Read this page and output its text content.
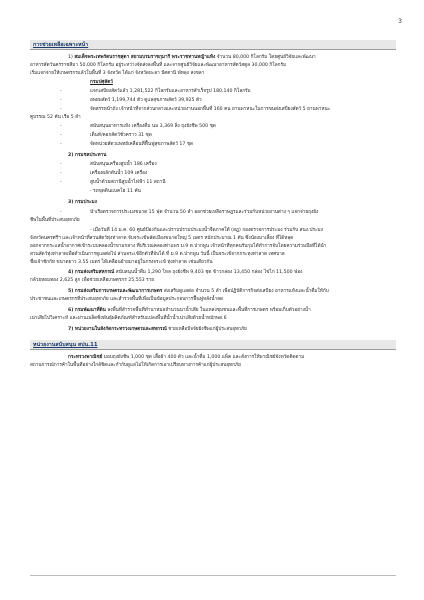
3
การช่วยเหลือเฉพาะหน้า
1) สมเด็จพระเทพรัตนราชสุดา สยามบรมราชกุมารี พระราชทานหญ้าแห้ง จำนวน 80,000 กิโลกรัม โดยศูนย์วิจัยและพัฒนา
อาหารสัตว์นครราชสีมา 50,000 กิโลกรัม อยู่ระหว่างจัดส่งลงพื้นที่ และจากศูนย์วิจัยและพัฒนาอาหารสัตว์สตูล 30,000 กิโลกรัม
เริ่มแจกจ่ายให้เกษตรกรแล้วในพื้นที่ 3 จังหวัด ได้แก่ จังหวัดยะลา ปัตตานี พัทลุง สงขลา
กรมปศุสัตว์
-	แจกเสบียงสัตว์แล้ว 1,281,522 กิโลกรัมและอาหารสำเร็จรูป 180,140 กิโลกรัม
-	อพยพสัตว์ 1,199,744 ตัว ดูแลสุขภาพสัตว์ 39,925 ตัว
-	จัดสรรหน้าถัง เจ้าหน้าที่จากส่วนกลางและหน่วยงานนอกพื้นที่ 160 คน ยานพาหนะในการขนส่งเสบียงสัตว์ 5 ยานพาหนะ
คูบรรณ 52 คัน เรือ 5 ลำ
-	สนับสนุนอาหารแห้ง เครื่องดื่ม นม 3,369 ลิ่ง ถุงยังชีพ 500 ชุด
-	เต็นท์/คอกสัตว์ชั่วคราว 31 ชุด
-	จัดหน่วยสัตวแพทย์เคลื่อนที่ฟื้นฟูสุขภาพสัตว์ 17 ชุด
2) กรมชลประทาน
-	สนับสนุนเครื่องสูบน้ำ 186 เครื่อง
-	เครื่องผลักดันน้ำ 109 เครื่อง
-	สูบน้ำด้วยสถานีสูบน้ำไฟฟ้า 11 สถานี
- รถขุดดินแบคโฮ 11 คัน
3) กรมประมง
-	นำเรือตรวจการประมงขนาด 15 ฟุต จำนวน 50 ลำ ออกช่วยเหลือราษฎรและร่วมกับหน่วยงานต่าง ๆ แจกจ่ายถุงยัง
ชีพในพื้นที่ประสบอุทกภัย
- เมื่อวันที่ 14 ม.ค. 60 ศูนย์ป้องกันและปราบปรามประมงน้ำจืดภาคใต้ (สฎ) กองตรวจการประมง ร่วมกับ สนง.ประมง
จังหวัดนครศรีฯ และเจ้าหน้าที่สวนสัตว์ทุ่งท่าลาด จับจระเข้พลัดเมืองขนาดใหญ่ 5 เมตร หนักประมาณ 1 ตัน ซึ่งน้องมาเลี้ยง ที่ได้หลุด
ออกจากกระแสน้ำอากาศเข้าระบบคลองน้ำขามกลาง ที่บริเวณคลองท่าแพร ม.9 ต.ปากพูน เจ้าหน้าที่ทุกคนรับกุมได้ทำการจับโดยความร่วมมือที่ได้นำ
สวนสัตว์ทุ่งท่าลาดเพื่อดำเนินการดูแลต่อไป ส่วนจระเข้อีกตัวที่จับได้ ที่ ม.9 ต.ปากพูน วันนี้ เป็นจระเข้จากกระทุงท่าลาด เทศบาล
ชื่อเจ้าชักกัท ขนาดยาว 3.55 เมตร ได้เคลื่อนย้ายมาอยู่ในกรงจระเข้ ทุ่งท่าลาด เช่นเดียวกัน
4) กรมส่งเสริมสหกรณ์ สนับสนุนน้ำดื่ม 1,290 โหล ถุงยังชีพ 9,403 ชุด ข้าวกล่อง 13,450 กล่อง ไข่ไก่ 11,500 ฟอง
กล้วยหอมทอง 2,625 ลูก เพื่อช่วยเหลือเกษตรกร 25,553 ราย
5) กรมส่งเสริมการเกษตรและพัฒนาการเกษตร ส่งเสริมดูแลต่อ จำนวน 5 ลำ เพื่อปฏิบัติการกิจส่งเสบียง อาหารแห้งและน้ำดื่มให้กับ
ประชาชนและเกษตรกรที่ประสบอุทกภัย และสำรวจพื้นที่เพื่อเป็นข้อมูลประกอบการฟื้นฟูหลังน้ำลด
6) กรมพัฒนาที่ดิน ลงพื้นที่สำรวจพื้นที่ทำนาหมอจำนวนนาน้ำเสีย ในแหล่งชุมชนและพื้นที่การเกษตร พร้อมเก็บตัวอย่างน้ำ
เน่าเสียไปวิเคราะห์ และผ่านเมล็ดซิ่งพันธุ์ผลิตภัณฑ์สำหรับแปลงพื้นที่น้ำน้ำเน่าเสียด้วยน้ำหมักพด.6
7) หน่วยงานในสังกัดกระทรวงเกษตรและสหกรณ์ ช่วยเหลือปัจจัยยังชีพแก่ผู้ประสบอุทกภัย
หน่วยงานสนับสนุน สปน.11
กระทรวงพาณิชย์ มอบถุงยังชีพ 1,000 ชุด เสื้อผ้า 400 ตัว และน้ำดื่ม 1,000 แพ็ค และสั่งการให้พาณิชย์จังหวัดติดตาม
สถานการณ์การค้าในพื้นที่อย่างใกล้ชิดและกำกับดูแลไม่ให้เกิดการเอาเปรียบทางการค้าแก่ผู้ประสบอุทกภัย
